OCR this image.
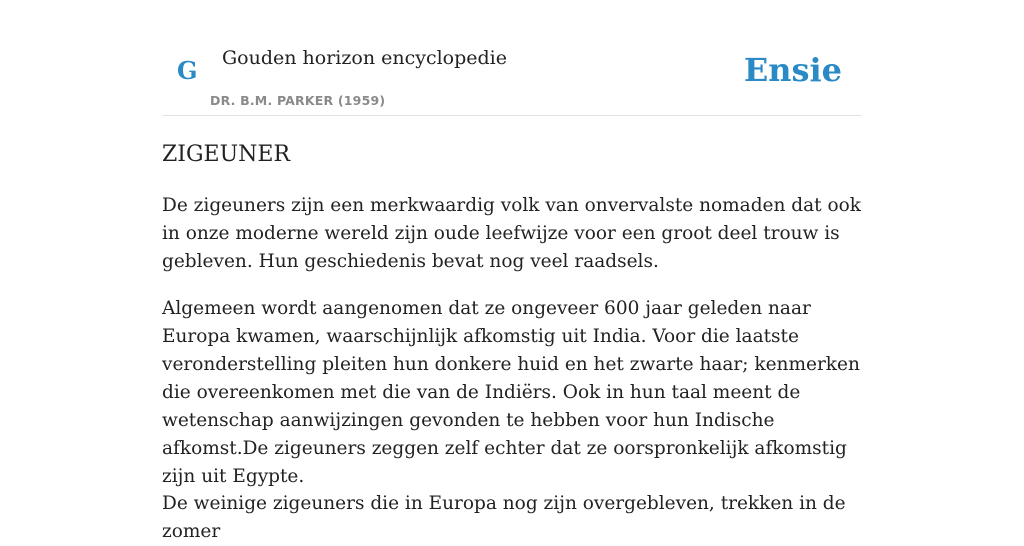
G Gouden horizon encyclopedie
DR. B.M. PARKER (1959)
Ensie
ZIGEUNER

De zigeuners zijn een merkwaardig volk van onvervalste nomaden dat ook in onze moderne wereld zijn oude leefwijze voor een groot deel trouw is gebleven. Hun geschiedenis bevat nog veel raadsels.

Algemeen wordt aangenomen dat ze ongeveer 600 jaar geleden naar Europa kwamen, waarschijnlijk afkomstig uit India. Voor die laatste veronderstelling pleiten hun donkere huid en het zwarte haar; kenmerken die overeenkomen met die van de Indiërs. Ook in hun taal meent de wetenschap aanwijzingen gevonden te hebben voor hun Indische afkomst.De zigeuners zeggen zelf echter dat ze oorspronkelijk afkomstig zijn uit Egypte.

De weinige zigeuners die in Europa nog zijn overgebleven, trekken in de zomer
